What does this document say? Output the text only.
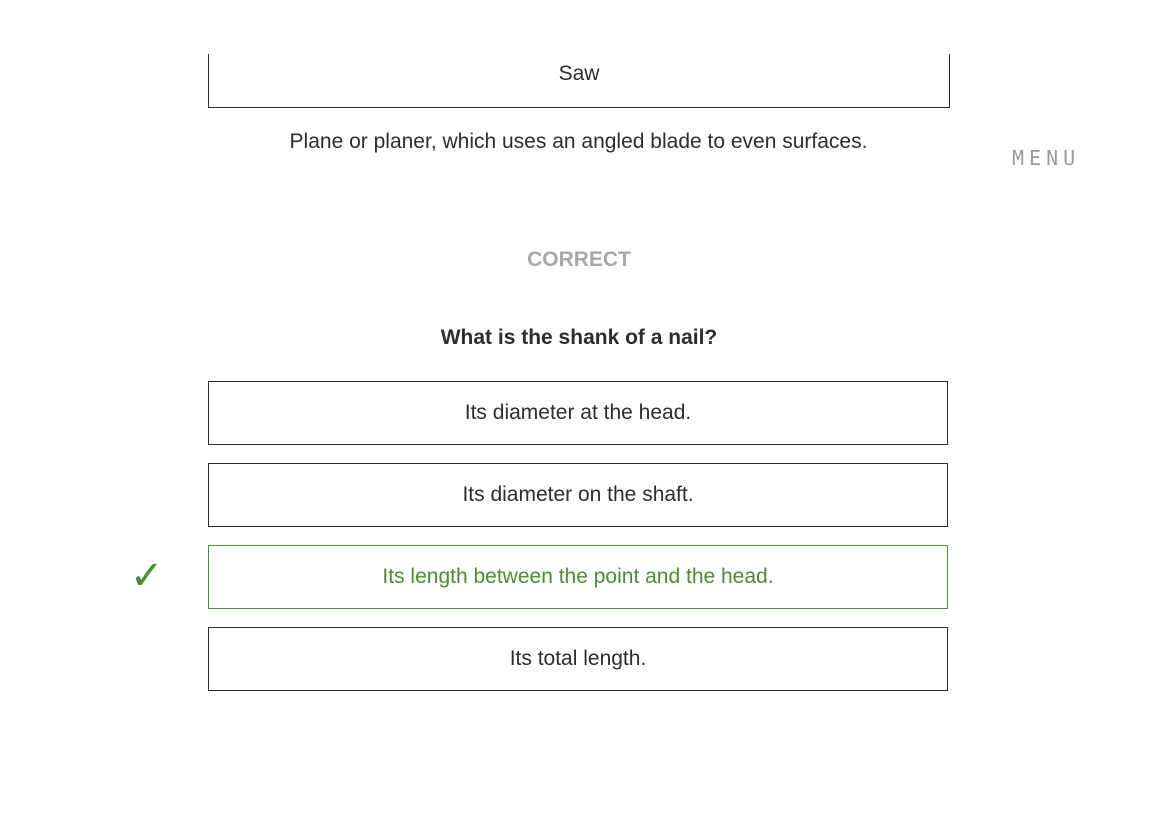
Saw
Plane or planer, which uses an angled blade to even surfaces.
MENU
CORRECT
What is the shank of a nail?
Its diameter at the head.
Its diameter on the shaft.
✓	Its length between the point and the head.
Its total length.
